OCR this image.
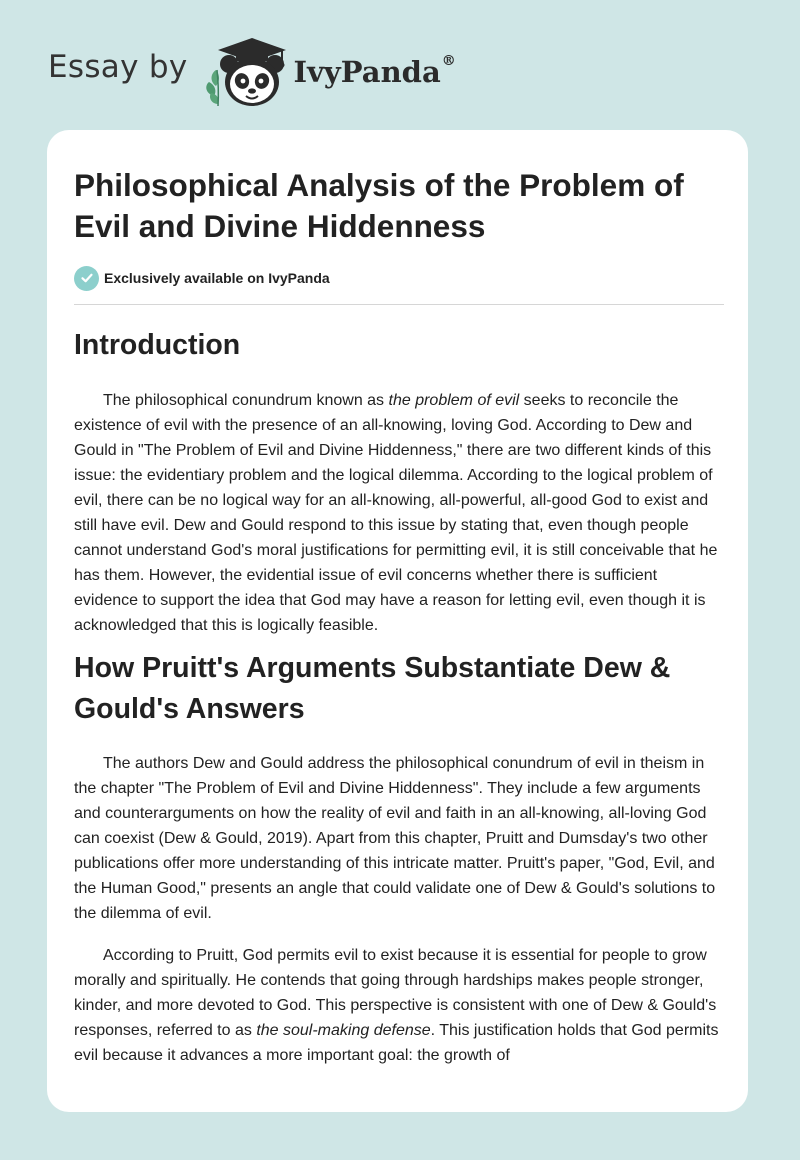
Essay by	IvyPanda®
Philosophical Analysis of the Problem of Evil and Divine Hiddenness
Exclusively available on IvyPanda
Introduction

The philosophical conundrum known as the problem of evil seeks to reconcile the existence of evil with the presence of an all-knowing, loving God. According to Dew and Gould in "The Problem of Evil and Divine Hiddenness," there are two different kinds of this issue: the evidentiary problem and the logical dilemma. According to the logical problem of evil, there can be no logical way for an all-knowing, all-powerful, all-good God to exist and still have evil. Dew and Gould respond to this issue by stating that, even though people cannot understand God's moral justifications for permitting evil, it is still conceivable that he has them. However, the evidential issue of evil concerns whether there is sufficient evidence to support the idea that God may have a reason for letting evil, even though it is acknowledged that this is logically feasible.

How Pruitt's Arguments Substantiate Dew & Gould's Answers

The authors Dew and Gould address the philosophical conundrum of evil in theism in the chapter "The Problem of Evil and Divine Hiddenness". They include a few arguments and counterarguments on how the reality of evil and faith in an all-knowing, all-loving God can coexist (Dew & Gould, 2019). Apart from this chapter, Pruitt and Dumsday's two other publications offer more understanding of this intricate matter. Pruitt's paper, "God, Evil, and the Human Good," presents an angle that could validate one of Dew & Gould's solutions to the dilemma of evil.

According to Pruitt, God permits evil to exist because it is essential for people to grow morally and spiritually. He contends that going through hardships makes people stronger, kinder, and more devoted to God. This perspective is consistent with one of Dew & Gould's responses, referred to as the soul-making defense. This justification holds that God permits evil because it advances a more important goal: the growth of
